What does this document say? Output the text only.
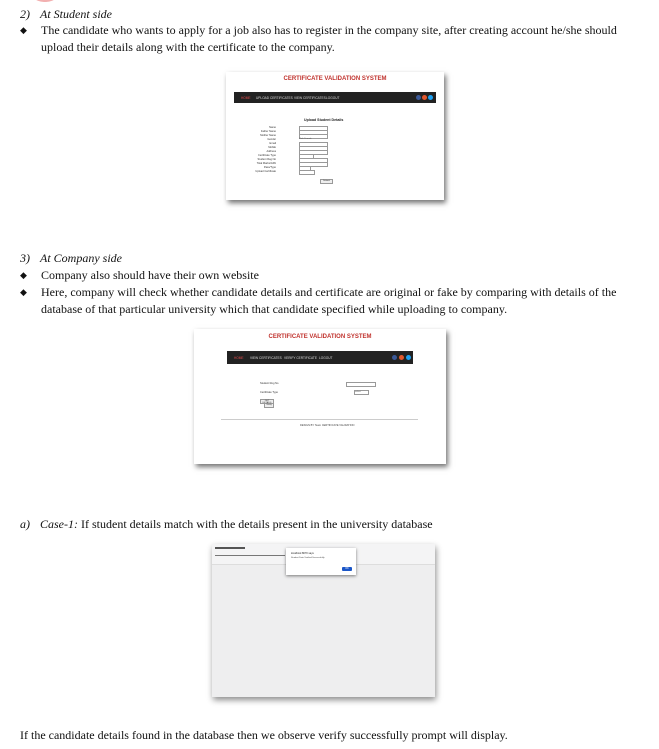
2) At Student side
◆ The candidate who wants to apply for a job also has to register in the company site, after creating account he/she should upload their details along with the certificate to the company.
CERTIFICATE VALIDATION SYSTEM
HOME UPLOAD CERTIFICATES VIEW CERTIFICATES LOGOUT
Upload Student Details
Name
Father Name
Mother Name
Gender
Email
Mobile
Address
Certificate Type
Student Reg No
Total Marks/GPA
Pass/Type
Upload Certificate
Male Female
Submit
3) At Company side
◆ Company also should have their own website
◆ Here, company will check whether candidate details and certificate are original or fake by comparing with details of the database of that particular university which that candidate specified while uploading to company.
CERTIFICATE VALIDATION SYSTEM
HOME VIEW CERTIFICATES VERIFY CERTIFICATE LOGOUT
Student Reg No
Certificate Type	select
GET
Verify
DESIGN BY Team CERTIFICATE VALIDATION
a) Case-1: If student details match with the details present in the university database
localhost:8070 says
Student Data Verified Successfully
OK
If the candidate details found in the database then we observe verify successfully prompt will display.
